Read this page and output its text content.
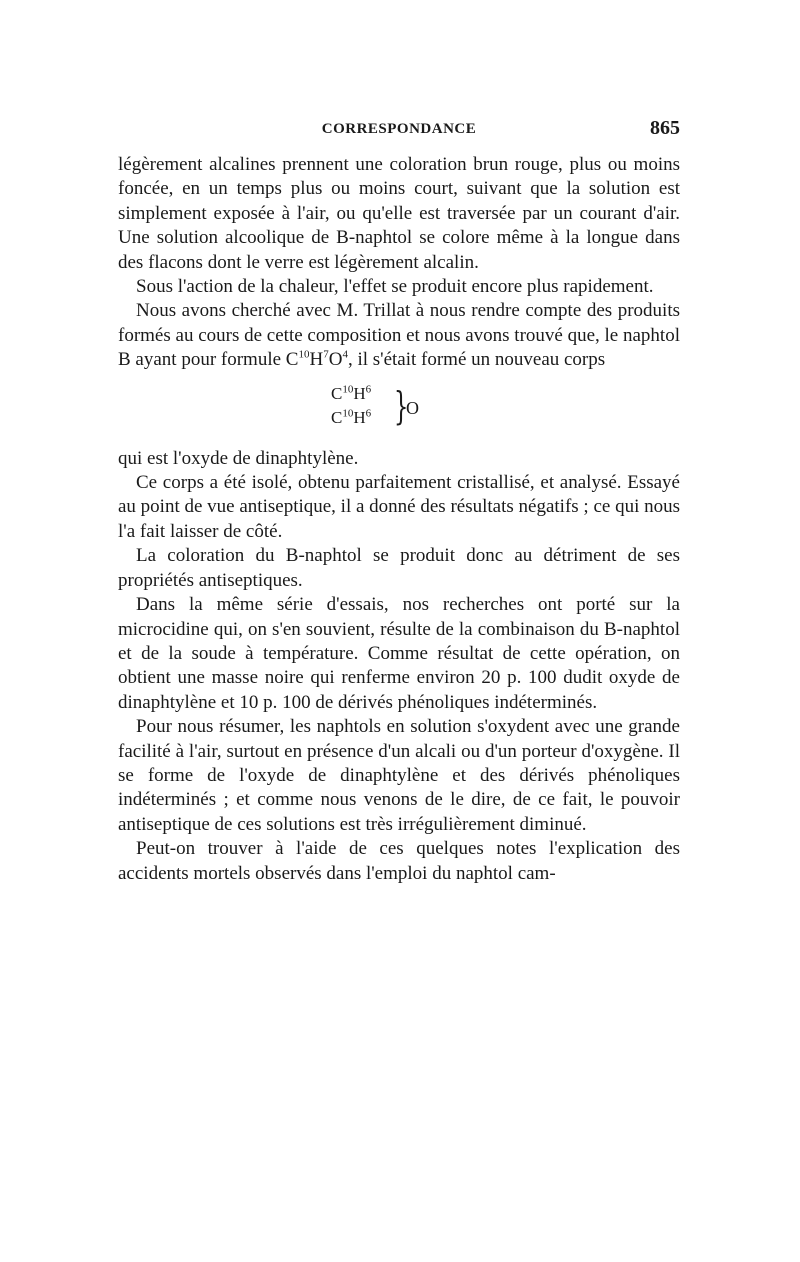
CORRESPONDANCE	865

légèrement alcalines prennent une coloration brun rouge, plus ou moins foncée, en un temps plus ou moins court, suivant que la solution est simplement exposée à l'air, ou qu'elle est traversée par un courant d'air. Une solution alcoolique de B-naphtol se colore même à la longue dans des flacons dont le verre est légèrement alcalin.

Sous l'action de la chaleur, l'effet se produit encore plus rapidement.

Nous avons cherché avec M. Trillat à nous rendre compte des produits formés au cours de cette composition et nous avons trouvé que, le naphtol B ayant pour formule $C^{10}H^7O^4$, il s'était formé un nouveau corps

$C^{10}H^6$
$C^{10}H^6$ }
O

qui est l'oxyde de dinaphtylène.

Ce corps a été isolé, obtenu parfaitement cristallisé, et analysé. Essayé au point de vue antiseptique, il a donné des résultats négatifs ; ce qui nous l'a fait laisser de côté.

La coloration du B-naphtol se produit donc au détriment de ses propriétés antiseptiques.

Dans la même série d'essais, nos recherches ont porté sur la microcidine qui, on s'en souvient, résulte de la combinaison du B-naphtol et de la soude à température. Comme résultat de cette opération, on obtient une masse noire qui renferme environ 20 p. 100 dudit oxyde de dinaphtylène et 10 p. 100 de dérivés phénoliques indéterminés.

Pour nous résumer, les naphtols en solution s'oxydent avec une grande facilité à l'air, surtout en présence d'un alcali ou d'un porteur d'oxygène. Il se forme de l'oxyde de dinaphtylène et des dérivés phénoliques indéterminés ; et comme nous venons de le dire, de ce fait, le pouvoir antiseptique de ces solutions est très irrégulièrement diminué.

Peut-on trouver à l'aide de ces quelques notes l'explication des accidents mortels observés dans l'emploi du naphtol cam-
